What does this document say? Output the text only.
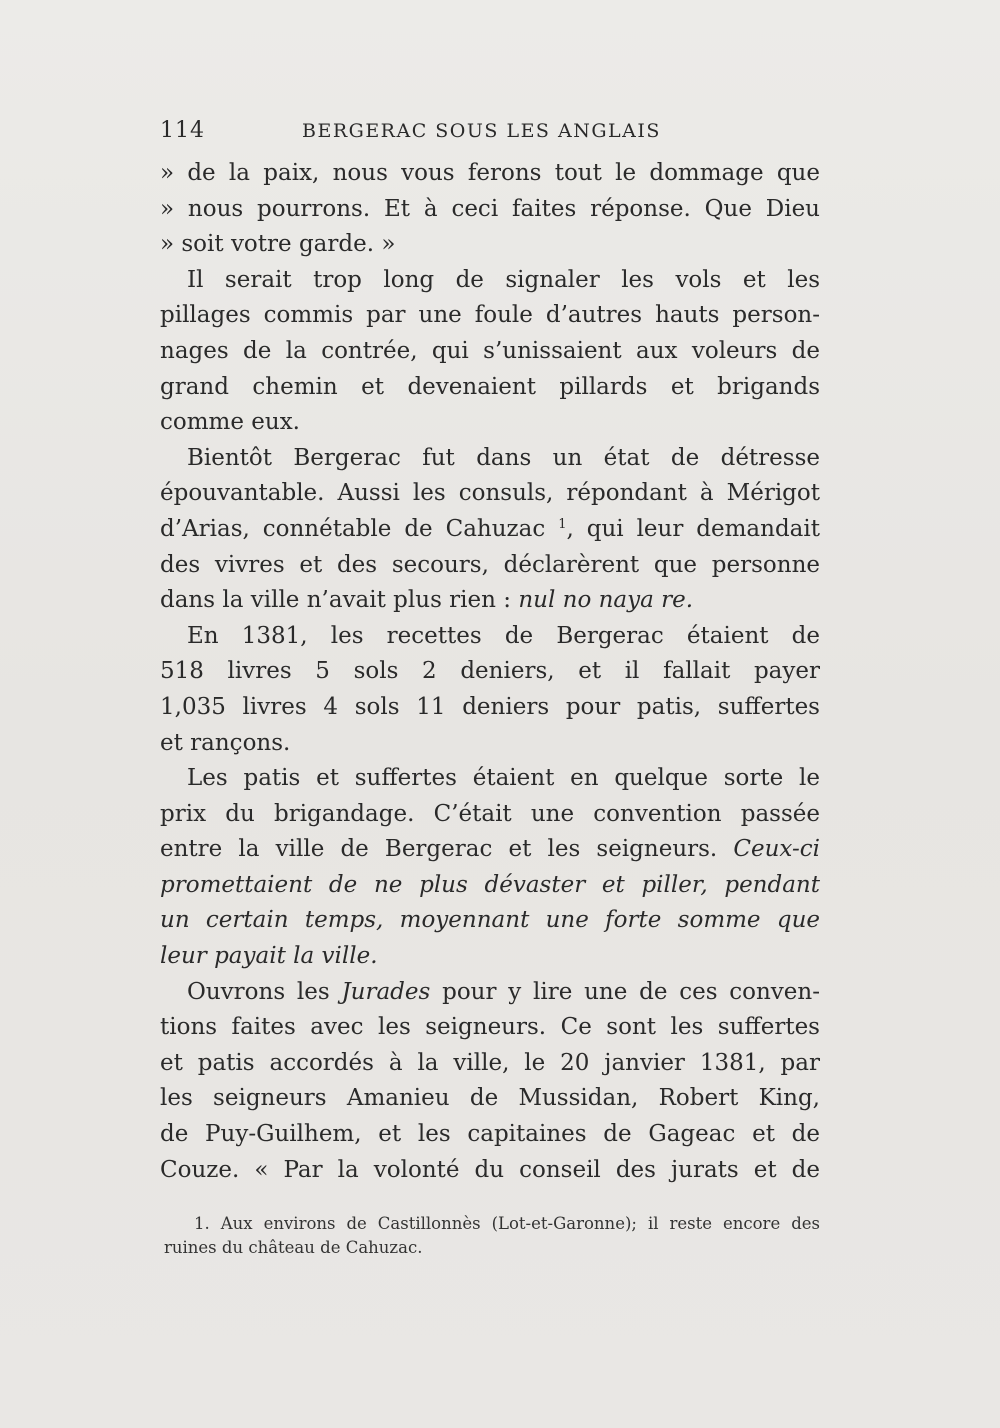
114	BERGERAC SOUS LES ANGLAIS
» de la paix, nous vous ferons tout le dommage que
» nous pourrons. Et à ceci faites réponse. Que Dieu
» soit votre garde. »
Il serait trop long de signaler les vols et les
pillages commis par une foule d’autres hauts person-
nages de la contrée, qui s’unissaient aux voleurs de
grand chemin et devenaient pillards et brigands
comme eux.
Bientôt Bergerac fut dans un état de détresse
épouvantable. Aussi les consuls, répondant à Mérigot
d’Arias, connétable de Cahuzac $^1$, qui leur demandait
des vivres et des secours, déclarèrent que personne
dans la ville n’avait plus rien : nul no naya re.
En 1381, les recettes de Bergerac étaient de
518 livres 5 sols 2 deniers, et il fallait payer
1,035 livres 4 sols 11 deniers pour patis, suffertes
et rançons.
Les patis et suffertes étaient en quelque sorte le
prix du brigandage. C’était une convention passée
entre la ville de Bergerac et les seigneurs. Ceux-ci
promettaient de ne plus dévaster et piller, pendant
un certain temps, moyennant une forte somme que
leur payait la ville.
Ouvrons les Jurades pour y lire une de ces conven-
tions faites avec les seigneurs. Ce sont les suffertes
et patis accordés à la ville, le 20 janvier 1381, par
les seigneurs Amanieu de Mussidan, Robert King,
de Puy-Guilhem, et les capitaines de Gageac et de
Couze. « Par la volonté du conseil des jurats et de
1. Aux environs de Castillonnès (Lot-et-Garonne); il reste encore des
ruines du château de Cahuzac.
